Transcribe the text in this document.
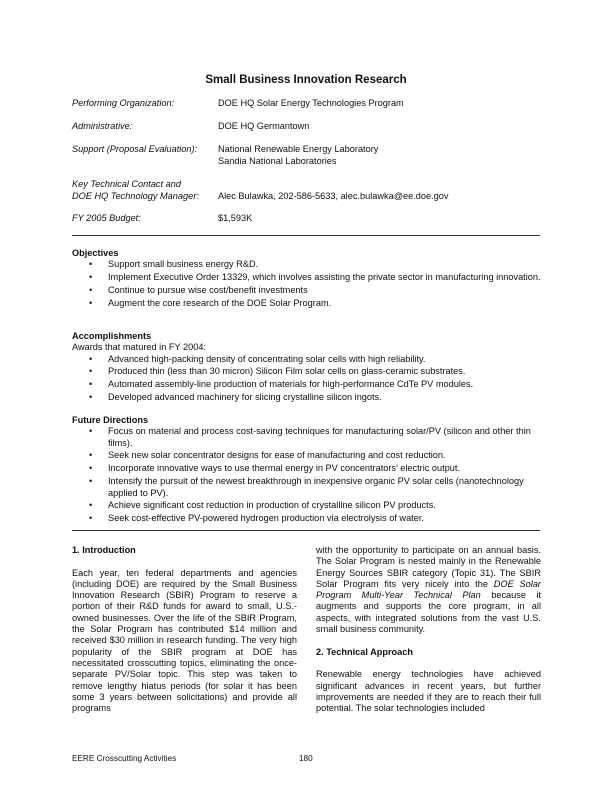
Small Business Innovation Research
Performing Organization:	DOE HQ Solar Energy Technologies Program
Administrative:	DOE HQ Germantown
Support (Proposal Evaluation): National Renewable Energy Laboratory
Sandia National Laboratories
Key Technical Contact and
DOE HQ Technology Manager: Alec Bulawka, 202-586-5633, alec.bulawka@ee.doe.gov
FY 2005 Budget:	$1,593K
Objectives
• Support small business energy R&D.
• Implement Executive Order 13329, which involves assisting the private sector in manufacturing innovation.
• Continue to pursue wise cost/benefit investments
• Augment the core research of the DOE Solar Program.
Accomplishments
Awards that matured in FY 2004:
• Advanced high-packing density of concentrating solar cells with high reliability.
• Produced thin (less than 30 micron) Silicon Film solar cells on glass-ceramic substrates.
• Automated assembly-line production of materials for high-performance CdTe PV modules.
• Developed advanced machinery for slicing crystalline silicon ingots.
Future Directions
• Focus on material and process cost-saving techniques for manufacturing solar/PV (silicon and other thin films).
• Seek new solar concentrator designs for ease of manufacturing and cost reduction.
• Incorporate innovative ways to use thermal energy in PV concentrators’ electric output.
• Intensify the pursuit of the newest breakthrough in inexpensive organic PV solar cells (nanotechnology applied to PV).
• Achieve significant cost reduction in production of crystalline silicon PV products.
• Seek cost-effective PV-powered hydrogen production via electrolysis of water.
1. Introduction

Each year, ten federal departments and agencies (including DOE) are required by the Small Business Innovation Research (SBIR) Program to reserve a portion of their R&D funds for award to small, U.S.-owned businesses. Over the life of the SBIR Program, the Solar Program has contributed $14 million and received $30 million in research funding. The very high popularity of the SBIR program at DOE has necessitated crosscutting topics, eliminating the once-separate PV/Solar topic. This step was taken to remove lengthy hiatus periods (for solar it has been some 3 years between solicitations) and provide all programs

with the opportunity to participate on an annual basis. The Solar Program is nested mainly in the Renewable Energy Sources SBIR category (Topic 31). The SBIR Solar Program fits very nicely into the DOE Solar Program Multi-Year Technical Plan because it augments and supports the core program, in all aspects, with integrated solutions from the vast U.S. small business community.

2. Technical Approach

Renewable energy technologies have achieved significant advances in recent years, but further improvements are needed if they are to reach their full potential. The solar technologies included

EERE Crosscutting Activities	180
